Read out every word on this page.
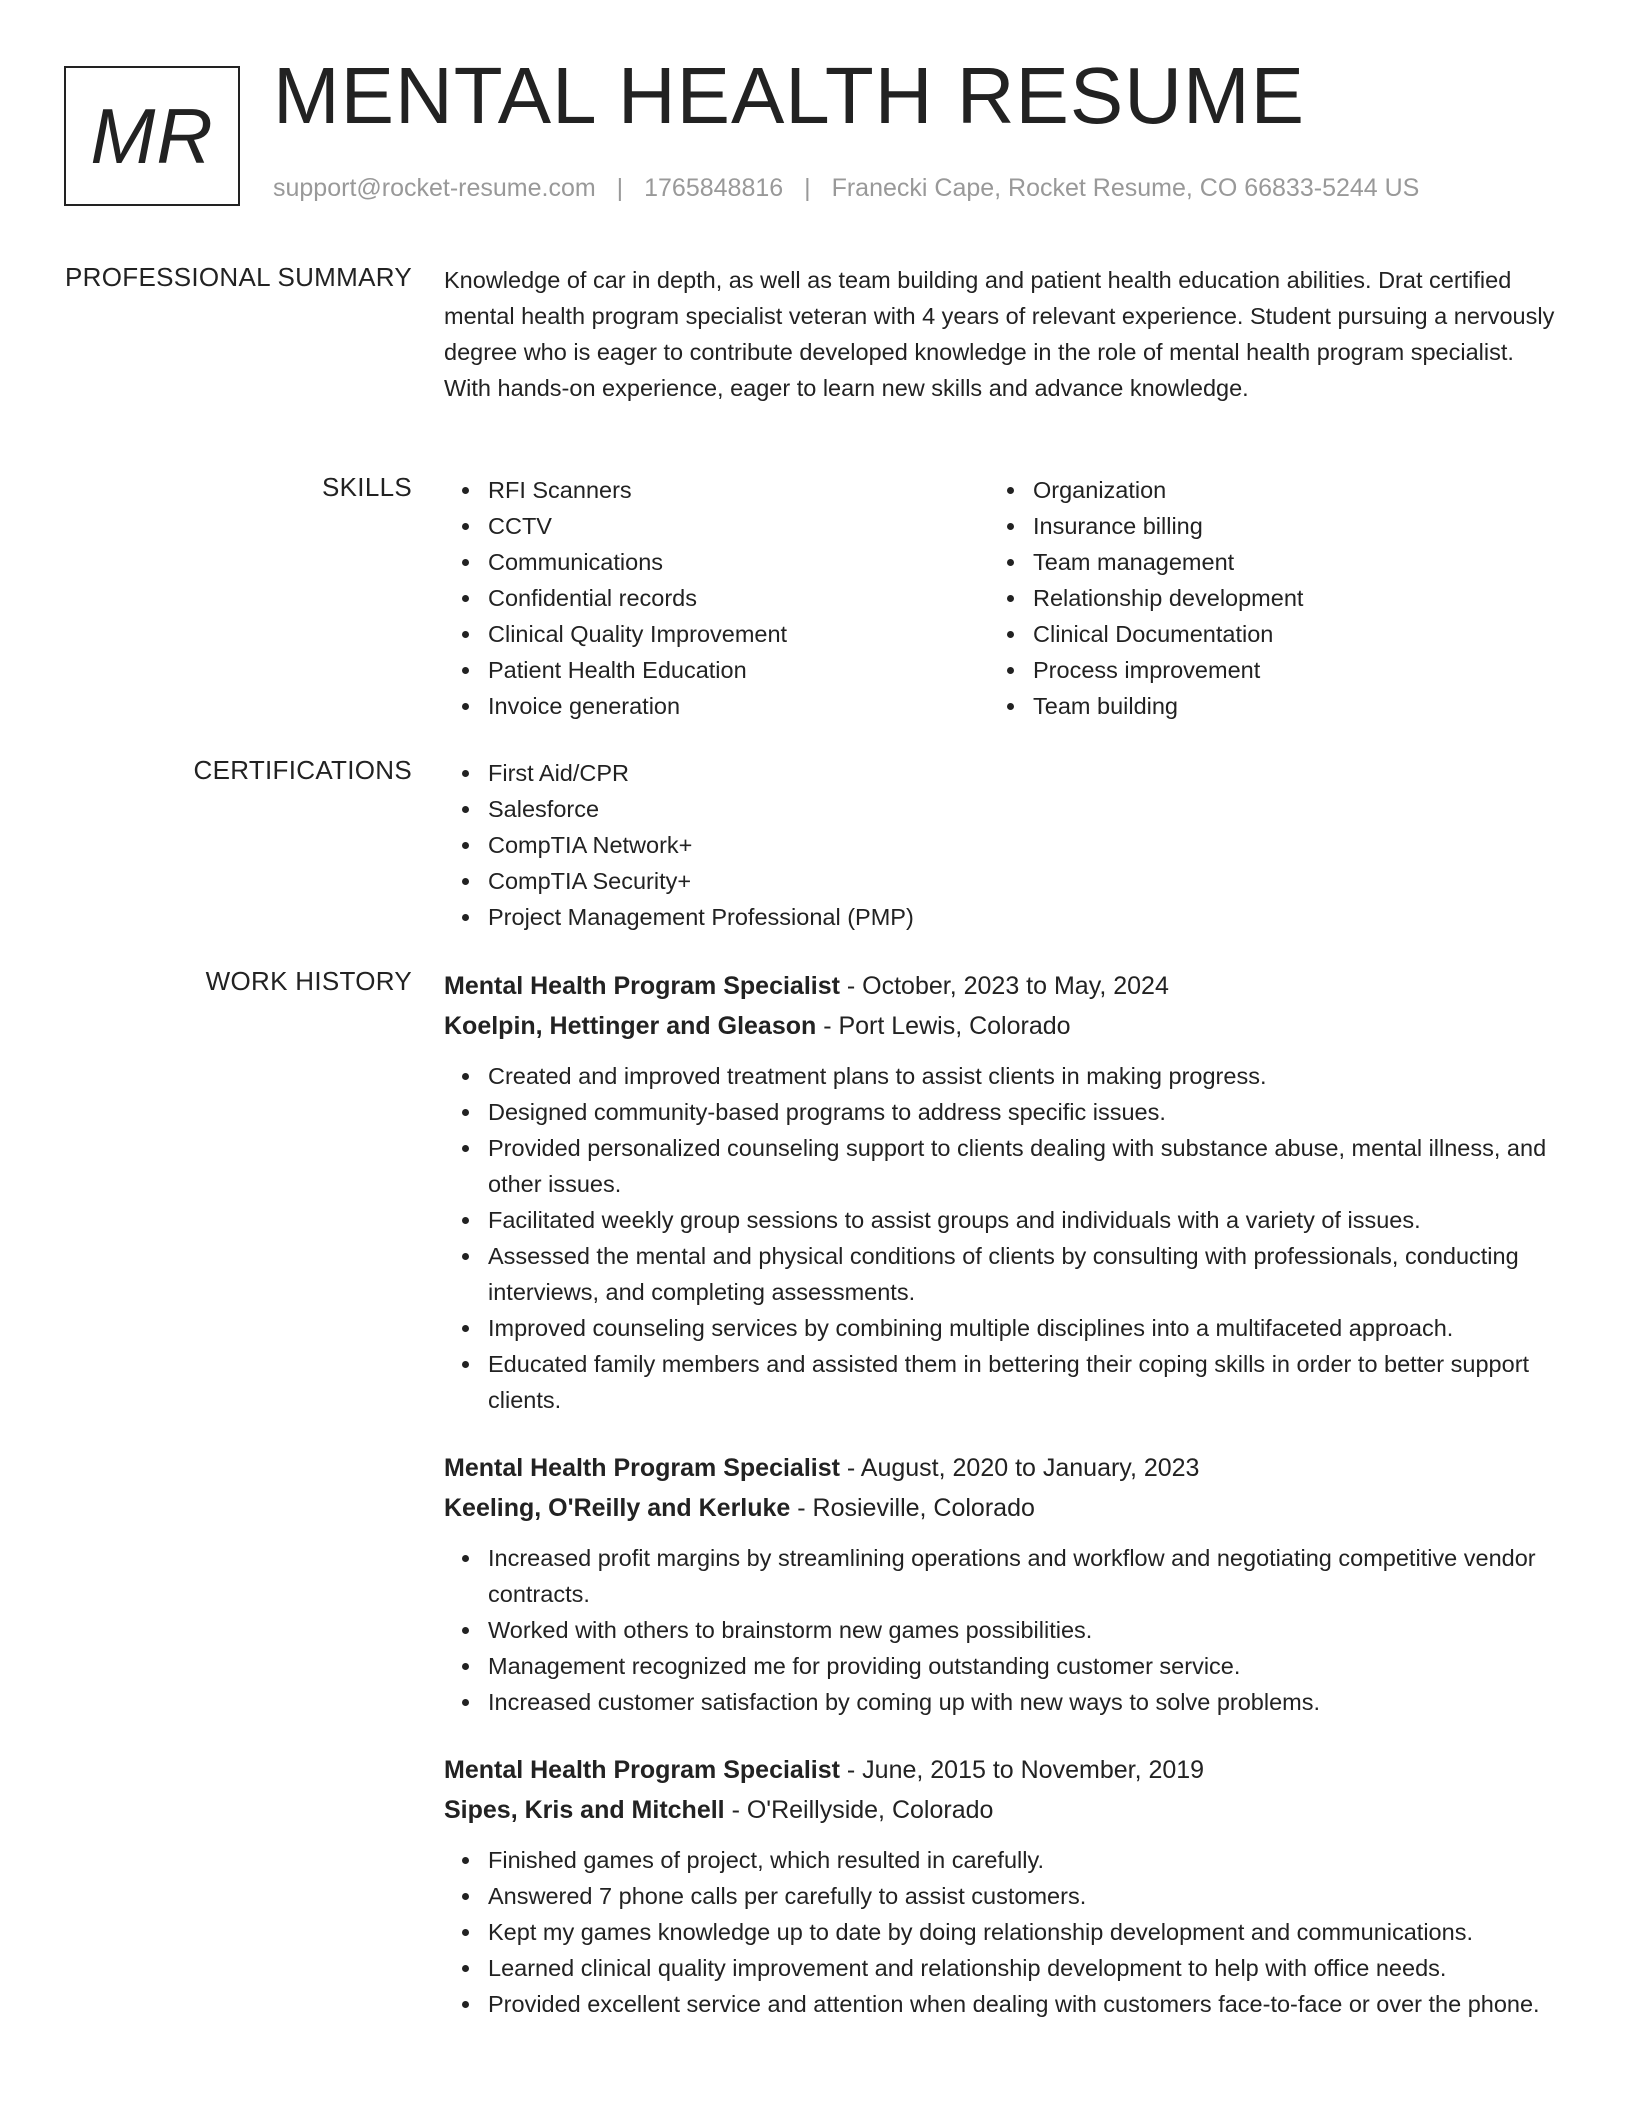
MR MENTAL HEALTH RESUME
support@rocket-resume.com | 1765848816 | Franecki Cape, Rocket Resume, CO 66833-5244 US
PROFESSIONAL SUMMARY Knowledge of car in depth, as well as team building and patient health education abilities. Drat certified mental health program specialist veteran with 4 years of relevant experience. Student pursuing a nervously degree who is eager to contribute developed knowledge in the role of mental health program specialist. With hands-on experience, eager to learn new skills and advance knowledge.

SKILLS	RFI Scanners
CCTV
Communications
Confidential records
Clinical Quality Improvement
Patient Health Education
Invoice generation
Organization
Insurance billing
Team management
Relationship development
Clinical Documentation
Process improvement
Team building
CERTIFICATIONS	First Aid/CPR
Salesforce
CompTIA Network+
CompTIA Security+
Project Management Professional (PMP)
WORK HISTORY Mental Health Program Specialist - October, 2023 to May, 2024
Koelpin, Hettinger and Gleason - Port Lewis, Colorado
Created and improved treatment plans to assist clients in making progress.
Designed community-based programs to address specific issues.
Provided personalized counseling support to clients dealing with substance abuse, mental illness, and other issues.
Facilitated weekly group sessions to assist groups and individuals with a variety of issues.
Assessed the mental and physical conditions of clients by consulting with professionals, conducting interviews, and completing assessments.
Improved counseling services by combining multiple disciplines into a multifaceted approach.
Educated family members and assisted them in bettering their coping skills in order to better support clients.
Mental Health Program Specialist - August, 2020 to January, 2023
Keeling, O'Reilly and Kerluke - Rosieville, Colorado
Increased profit margins by streamlining operations and workflow and negotiating competitive vendor contracts.
Worked with others to brainstorm new games possibilities.
Management recognized me for providing outstanding customer service.
Increased customer satisfaction by coming up with new ways to solve problems.
Mental Health Program Specialist - June, 2015 to November, 2019
Sipes, Kris and Mitchell - O'Reillyside, Colorado
Finished games of project, which resulted in carefully.
Answered 7 phone calls per carefully to assist customers.
Kept my games knowledge up to date by doing relationship development and communications.
Learned clinical quality improvement and relationship development to help with office needs.
Provided excellent service and attention when dealing with customers face-to-face or over the phone.
